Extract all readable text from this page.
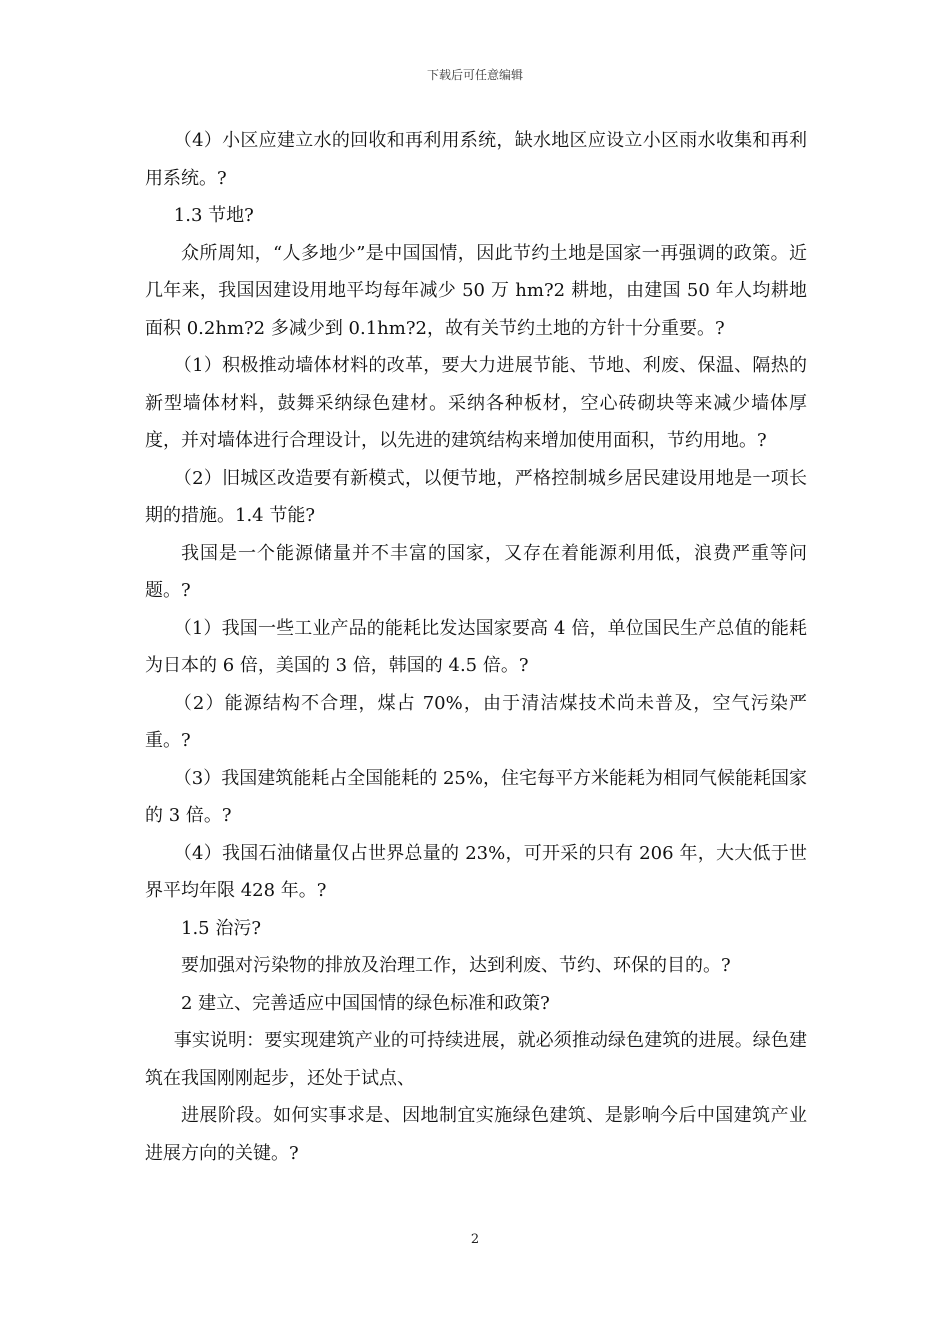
下载后可任意编辑

（4）小区应建立水的回收和再利用系统，缺水地区应设立小区雨水收集和再利用系统。?

1.3 节地?

众所周知，“人多地少”是中国国情，因此节约土地是国家一再强调的政策。近几年来，我国因建设用地平均每年减少 50 万 hm?2 耕地，由建国 50 年人均耕地面积 0.2hm?2 多减少到 0.1hm?2，故有关节约土地的方针十分重要。?

（1）积极推动墙体材料的改革，要大力进展节能、节地、利废、保温、隔热的新型墙体材料，鼓舞采纳绿色建材。采纳各种板材，空心砖砌块等来减少墙体厚度，并对墙体进行合理设计，以先进的建筑结构来增加使用面积，节约用地。?

（2）旧城区改造要有新模式，以便节地，严格控制城乡居民建设用地是一项长期的措施。1.4 节能?

我国是一个能源储量并不丰富的国家，又存在着能源利用低，浪费严重等问题。?

（1）我国一些工业产品的能耗比发达国家要高 4 倍，单位国民生产总值的能耗为日本的 6 倍，美国的 3 倍，韩国的 4.5 倍。?

（2）能源结构不合理，煤占 70%，由于清洁煤技术尚未普及，空气污染严重。?

（3）我国建筑能耗占全国能耗的 25%，住宅每平方米能耗为相同气候能耗国家的 3 倍。?

（4）我国石油储量仅占世界总量的 23%，可开采的只有 206 年，大大低于世界平均年限 428 年。?

1.5 治污?

要加强对污染物的排放及治理工作，达到利废、节约、环保的目的。?

2 建立、完善适应中国国情的绿色标准和政策?

事实说明：要实现建筑产业的可持续进展，就必须推动绿色建筑的进展。绿色建筑在我国刚刚起步，还处于试点、

进展阶段。如何实事求是、因地制宜实施绿色建筑、是影响今后中国建筑产业进展方向的关键。?

2
